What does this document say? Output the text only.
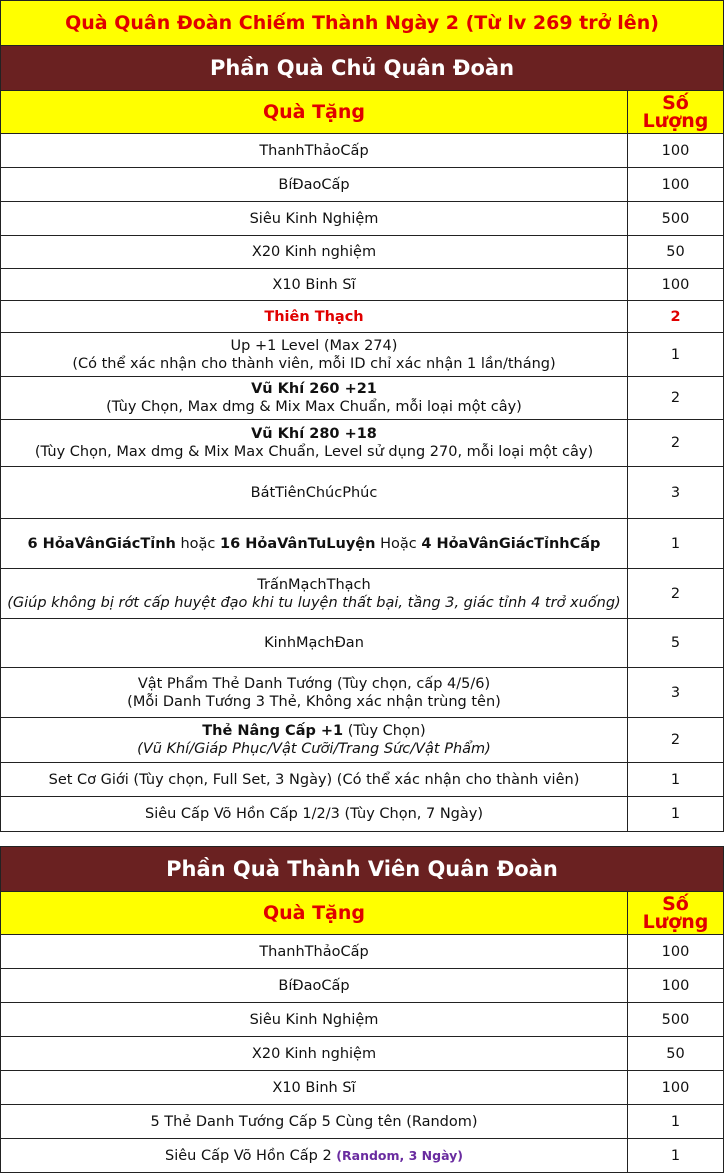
Quà Quân Đoàn Chiếm Thành Ngày 2 (Từ lv 269 trở lên)	
Phần Quà Chủ Quân Đoàn	
Quà Tặng	Số Lượng
ThanhThảoCấp	100
BíĐaoCấp	100
Siêu Kinh Nghiệm	500
X20 Kinh nghiệm	50
X10 Binh Sĩ	100
Thiên Thạch	2

Up +1 Level (Max 274)
(Có thể xác nhận cho thành viên, mỗi ID chỉ xác nhận 1 lần/tháng)	1

Vũ Khí 260 +21
(Tùy Chọn, Max dmg & Mix Max Chuẩn, mỗi loại một cây)	2

Vũ Khí 280 +18
(Tùy Chọn, Max dmg & Mix Max Chuẩn, Level sử dụng 270, mỗi loại một cây)	2
BátTiênChúcPhúc	3
6 HỏaVânGiácTỉnh hoặc 16 HỏaVânTuLuyện Hoặc 4 HỏaVânGiácTỉnhCấp	1

TrấnMạchThạch
(Giúp không bị rớt cấp huyệt đạo khi tu luyện thất bại, tầng 3, giác tỉnh 4 trở xuống)	2
KinhMạchĐan	5

Vật Phẩm Thẻ Danh Tướng (Tùy chọn, cấp 4/5/6)
(Mỗi Danh Tướng 3 Thẻ, Không xác nhận trùng tên)	3

Thẻ Nâng Cấp +1 (Tùy Chọn)
(Vũ Khí/Giáp Phục/Vật Cưỡi/Trang Sức/Vật Phẩm)	2
Set Cơ Giới (Tùy chọn, Full Set, 3 Ngày) (Có thể xác nhận cho thành viên)	1
Siêu Cấp Võ Hồn Cấp 1/2/3 (Tùy Chọn, 7 Ngày)	1
Phần Quà Thành Viên Quân Đoàn	
Quà Tặng	Số Lượng
ThanhThảoCấp	100
BíĐaoCấp	100
Siêu Kinh Nghiệm	500
X20 Kinh nghiệm	50
X10 Binh Sĩ	100
5 Thẻ Danh Tướng Cấp 5 Cùng tên (Random)	1
Siêu Cấp Võ Hồn Cấp 2 (Random, 3 Ngày)	1
